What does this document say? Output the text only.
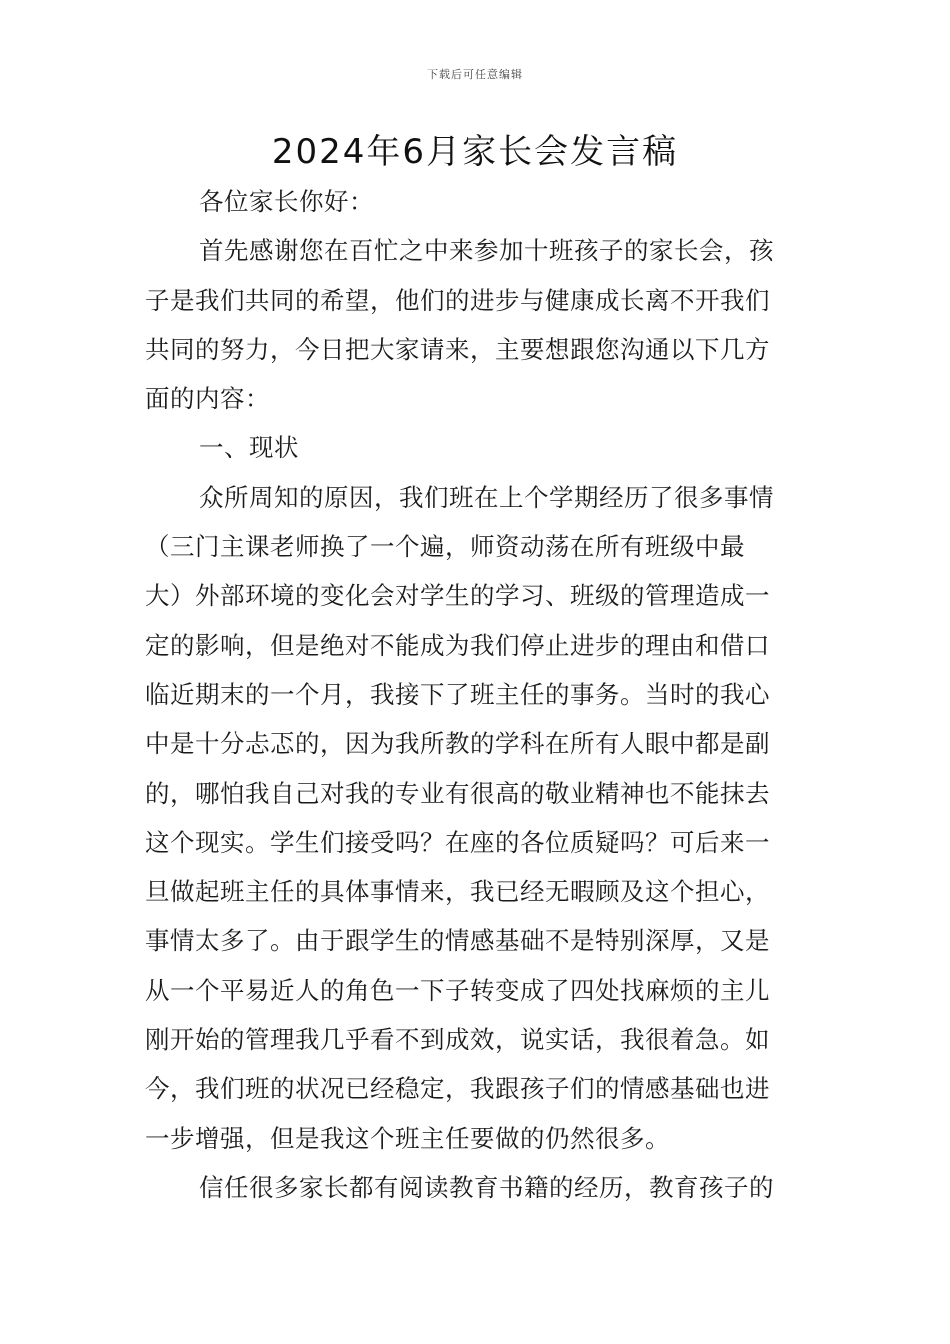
下载后可任意编辑
2024年6月家长会发言稿
各位家长你好：
首先感谢您在百忙之中来参加十班孩子的家长会，孩
子是我们共同的希望，他们的进步与健康成长离不开我们
共同的努力，今日把大家请来，主要想跟您沟通以下几方
面的内容：
一、现状
众所周知的原因，我们班在上个学期经历了很多事情
（三门主课老师换了一个遍，师资动荡在所有班级中最
大）外部环境的变化会对学生的学习、班级的管理造成一
定的影响，但是绝对不能成为我们停止进步的理由和借口
临近期末的一个月，我接下了班主任的事务。当时的我心
中是十分忐忑的，因为我所教的学科在所有人眼中都是副
的，哪怕我自己对我的专业有很高的敬业精神也不能抹去
这个现实。学生们接受吗？在座的各位质疑吗？可后来一
旦做起班主任的具体事情来，我已经无暇顾及这个担心，
事情太多了。由于跟学生的情感基础不是特别深厚，又是
从一个平易近人的角色一下子转变成了四处找麻烦的主儿
刚开始的管理我几乎看不到成效，说实话，我很着急。如
今，我们班的状况已经稳定，我跟孩子们的情感基础也进
一步增强，但是我这个班主任要做的仍然很多。
信任很多家长都有阅读教育书籍的经历，教育孩子的
